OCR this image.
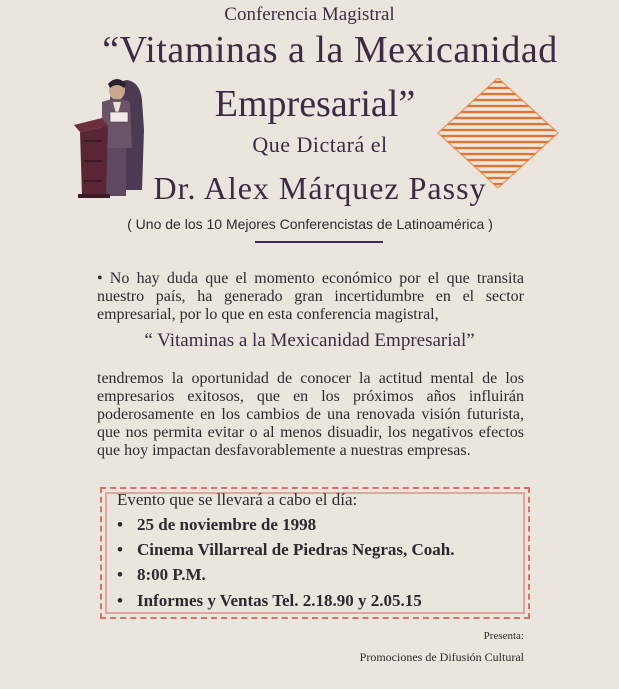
Conferencia Magistral
“Vitaminas a la Mexicanidad
Empresarial”
Que Dictará el
Dr. Alex Márquez Passy
( Uno de los 10 Mejores Conferencistas de Latinoamérica )
• No hay duda que el momento económico por el que transita nuestro país, ha generado gran incertidumbre en el sector empresarial, por lo que en esta conferencia magistral,
“ Vitaminas a la Mexicanidad Empresarial”
tendremos la oportunidad de conocer la actitud mental de los empresarios exitosos, que en los próximos años influirán poderosamente en los cambios de una renovada visión futurista, que nos permita evitar o al menos disuadir, los negativos efectos que hoy impactan desfavorablemente a nuestras empresas.
Evento que se llevará a cabo el día:
• 25 de noviembre de 1998
• Cinema Villarreal de Piedras Negras, Coah.
• 8:00 P.M.
• Informes y Ventas Tel. 2.18.90 y 2.05.15
Presenta:
Promociones de Difusión Cultural
